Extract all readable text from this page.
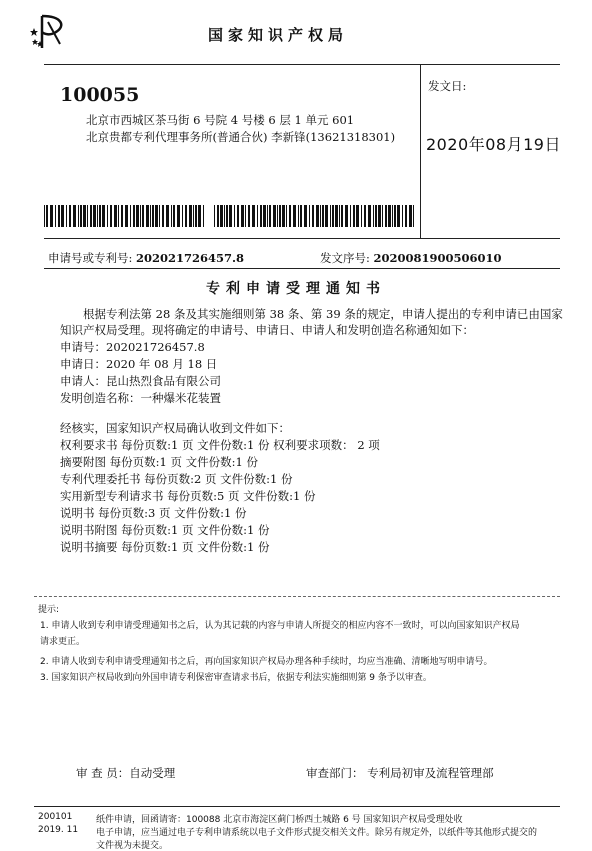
国家知识产权局
100055
北京市西城区茶马街 6 号院 4 号楼 6 层 1 单元 601
北京贵都专利代理事务所(普通合伙) 李新锋(13621318301)
发文日:
2020年08月19日
申请号或专利号: 202021726457.8	发文序号: 2020081900506010
专利申请受理通知书
根据专利法第 28 条及其实施细则第 38 条、第 39 条的规定，申请人提出的专利申请已由国家知识产权局受理。现将确定的申请号、申请日、申请人和发明创造名称通知如下：
申请号：202021726457.8
申请日：2020 年 08 月 18 日
申请人：昆山热烈食品有限公司
发明创造名称：一种爆米花装置
经核实，国家知识产权局确认收到文件如下：
权利要求书 每份页数:1 页 文件份数:1 份 权利要求项数： 2 项
摘要附图 每份页数:1 页 文件份数:1 份
专利代理委托书 每份页数:2 页 文件份数:1 份
实用新型专利请求书 每份页数:5 页 文件份数:1 份
说明书 每份页数:3 页 文件份数:1 份
说明书附图 每份页数:1 页 文件份数:1 份
说明书摘要 每份页数:1 页 文件份数:1 份
提示:
1. 申请人收到专利申请受理通知书之后，认为其记载的内容与申请人所提交的相应内容不一致时，可以向国家知识产权局
请求更正。
2. 申请人收到专利申请受理通知书之后，再向国家知识产权局办理各种手续时，均应当准确、清晰地写明申请号。
3. 国家知识产权局收到向外国申请专利保密审查请求书后，依据专利法实施细则第 9 条予以审查。
审 查 员：自动受理	审查部门： 专利局初审及流程管理部
200101
2019. 11
纸件申请，回函请寄：100088 北京市海淀区蓟门桥西土城路 6 号 国家知识产权局受理处收
电子申请，应当通过电子专利申请系统以电子文件形式提交相关文件。除另有规定外，以纸件等其他形式提交的
文件视为未提交。
